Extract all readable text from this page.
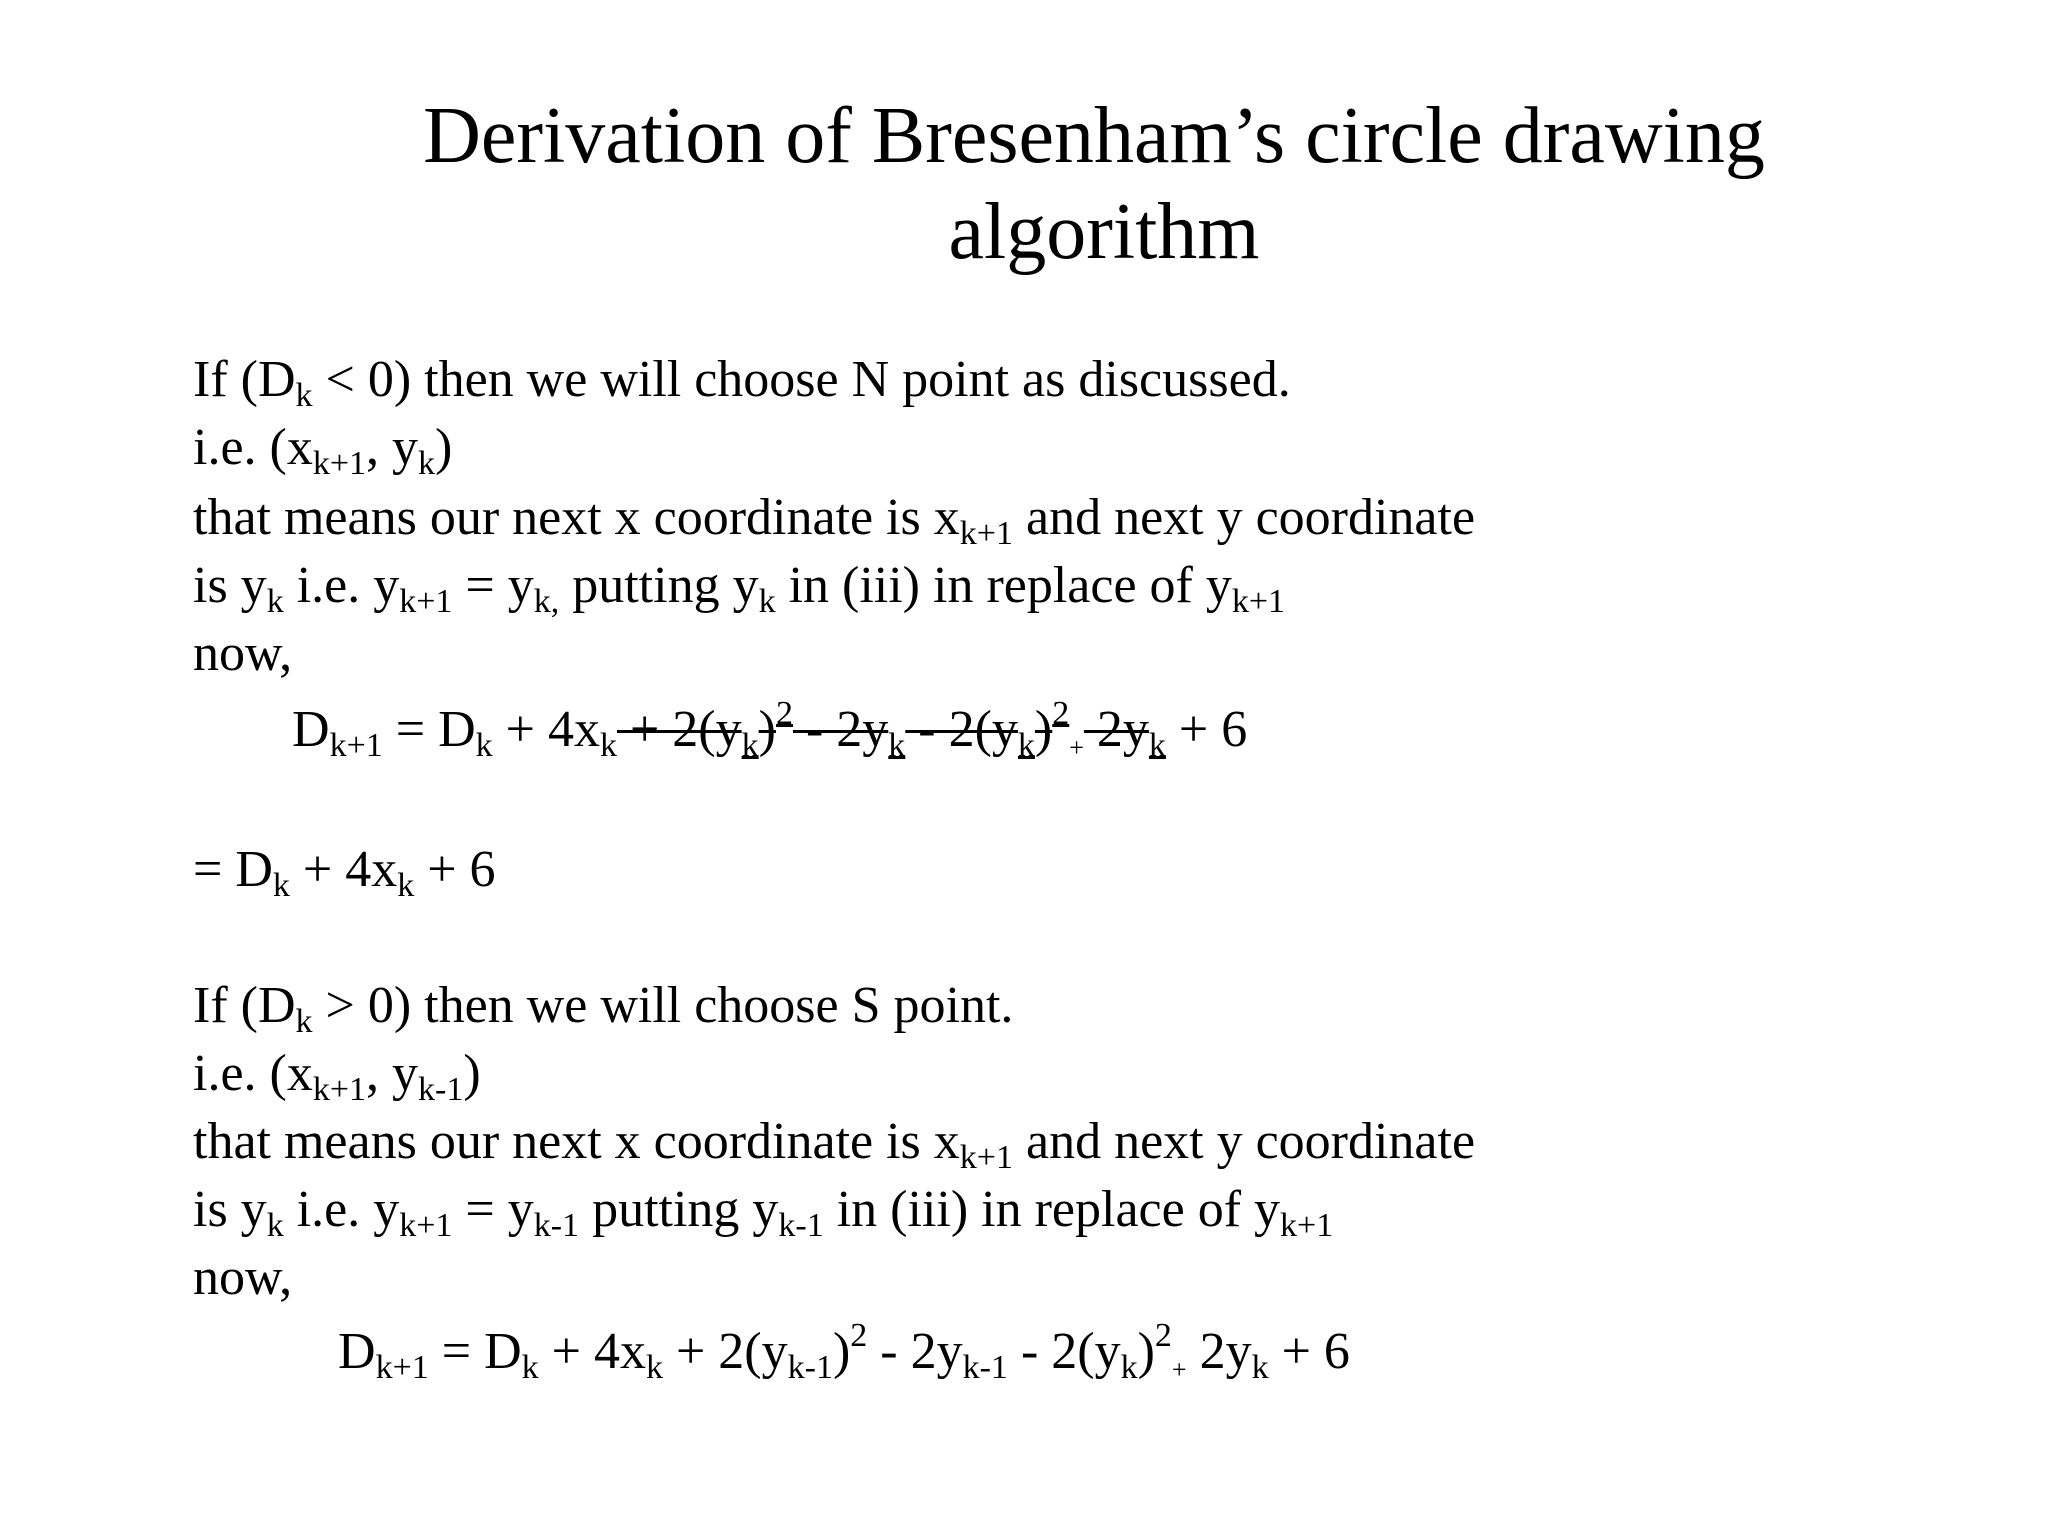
Derivation of Bresenham’s circle drawing
algorithm
If $(D_k < 0)$ then we will choose N point as discussed.
i.e. ($x_{k+1}$, $y_k$)
that means our next x coordinate is $x_{k+1}$ and next y coordinate
is $y_k$ i.e. $y_{k+1} = y_{k,}$ putting $y_k$ in (iii) in replace of $y_{k+1}$
now,
$D_{k+1} = D_k + 4x_k + 2(y_k)^2 - 2y_k - 2(y_k)^2+ 2y_k + 6$
= $D_k + 4x_k + 6$
If $(D_k > 0)$ then we will choose S point.
i.e. ($x_{k+1}$, $y_{k-1}$)
that means our next x coordinate is $x_{k+1}$ and next y coordinate
is $y_k$ i.e. $y_{k+1} = y_{k-1}$ putting $y_{k-1}$ in (iii) in replace of $y_{k+1}$
now,
$D_{k+1} = D_k + 4x_k + 2(y_{k-1})^2 - 2y_{k-1} - 2(y_k)^2+ 2y_k + 6$
